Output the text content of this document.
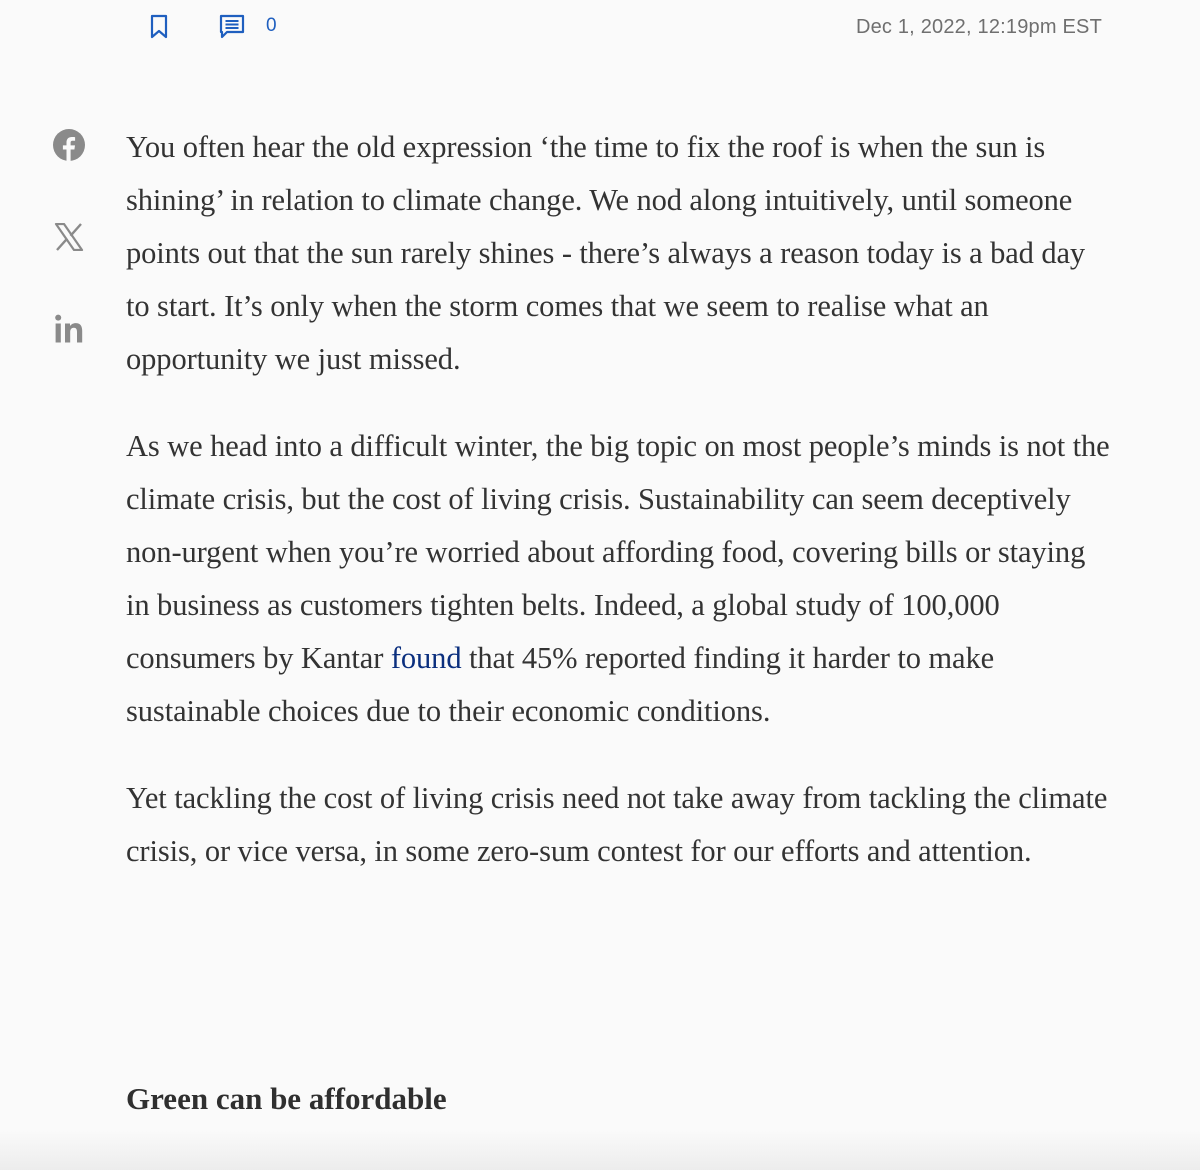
0	Dec 1, 2022, 12:19pm EST

You often hear the old expression ‘the time to fix the roof is when the sun is shining’ in relation to climate change. We nod along intuitively, until someone points out that the sun rarely shines - there’s always a reason today is a bad day to start. It’s only when the storm comes that we seem to realise what an opportunity we just missed.

As we head into a difficult winter, the big topic on most people’s minds is not the climate crisis, but the cost of living crisis. Sustainability can seem deceptively non-urgent when you’re worried about affording food, covering bills or staying in business as customers tighten belts. Indeed, a global study of 100,000 consumers by Kantar found that 45% reported finding it harder to make sustainable choices due to their economic conditions.

Yet tackling the cost of living crisis need not take away from tackling the climate crisis, or vice versa, in some zero-sum contest for our efforts and attention.

Green can be affordable
